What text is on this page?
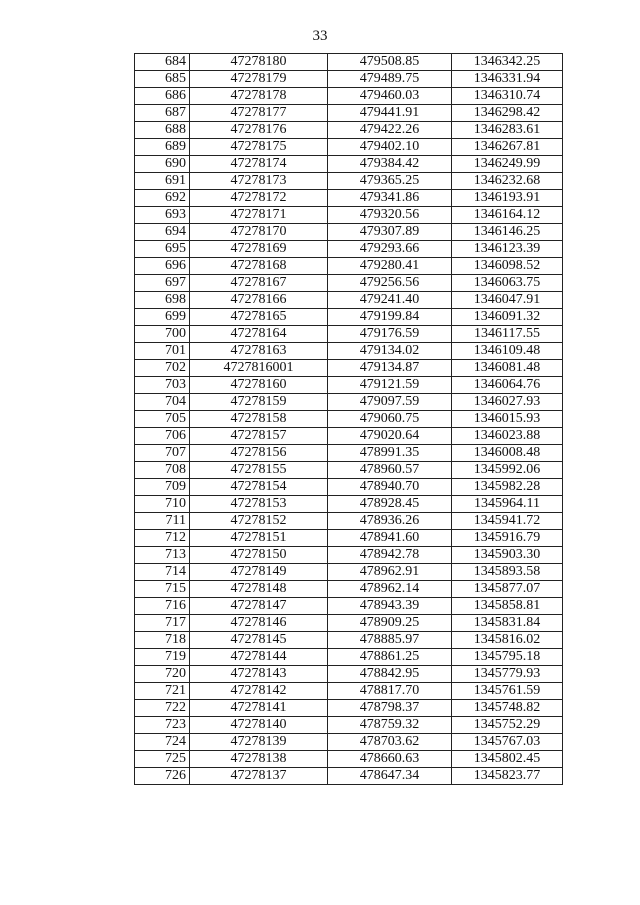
33
684	47278180	479508.85	1346342.25
685	47278179	479489.75	1346331.94
686	47278178	479460.03	1346310.74
687	47278177	479441.91	1346298.42
688	47278176	479422.26	1346283.61
689	47278175	479402.10	1346267.81
690	47278174	479384.42	1346249.99
691	47278173	479365.25	1346232.68
692	47278172	479341.86	1346193.91
693	47278171	479320.56	1346164.12
694	47278170	479307.89	1346146.25
695	47278169	479293.66	1346123.39
696	47278168	479280.41	1346098.52
697	47278167	479256.56	1346063.75
698	47278166	479241.40	1346047.91
699	47278165	479199.84	1346091.32
700	47278164	479176.59	1346117.55
701	47278163	479134.02	1346109.48
702	4727816001	479134.87	1346081.48
703	47278160	479121.59	1346064.76
704	47278159	479097.59	1346027.93
705	47278158	479060.75	1346015.93
706	47278157	479020.64	1346023.88
707	47278156	478991.35	1346008.48
708	47278155	478960.57	1345992.06
709	47278154	478940.70	1345982.28
710	47278153	478928.45	1345964.11
711	47278152	478936.26	1345941.72
712	47278151	478941.60	1345916.79
713	47278150	478942.78	1345903.30
714	47278149	478962.91	1345893.58
715	47278148	478962.14	1345877.07
716	47278147	478943.39	1345858.81
717	47278146	478909.25	1345831.84
718	47278145	478885.97	1345816.02
719	47278144	478861.25	1345795.18
720	47278143	478842.95	1345779.93
721	47278142	478817.70	1345761.59
722	47278141	478798.37	1345748.82
723	47278140	478759.32	1345752.29
724	47278139	478703.62	1345767.03
725	47278138	478660.63	1345802.45
726	47278137	478647.34	1345823.77
